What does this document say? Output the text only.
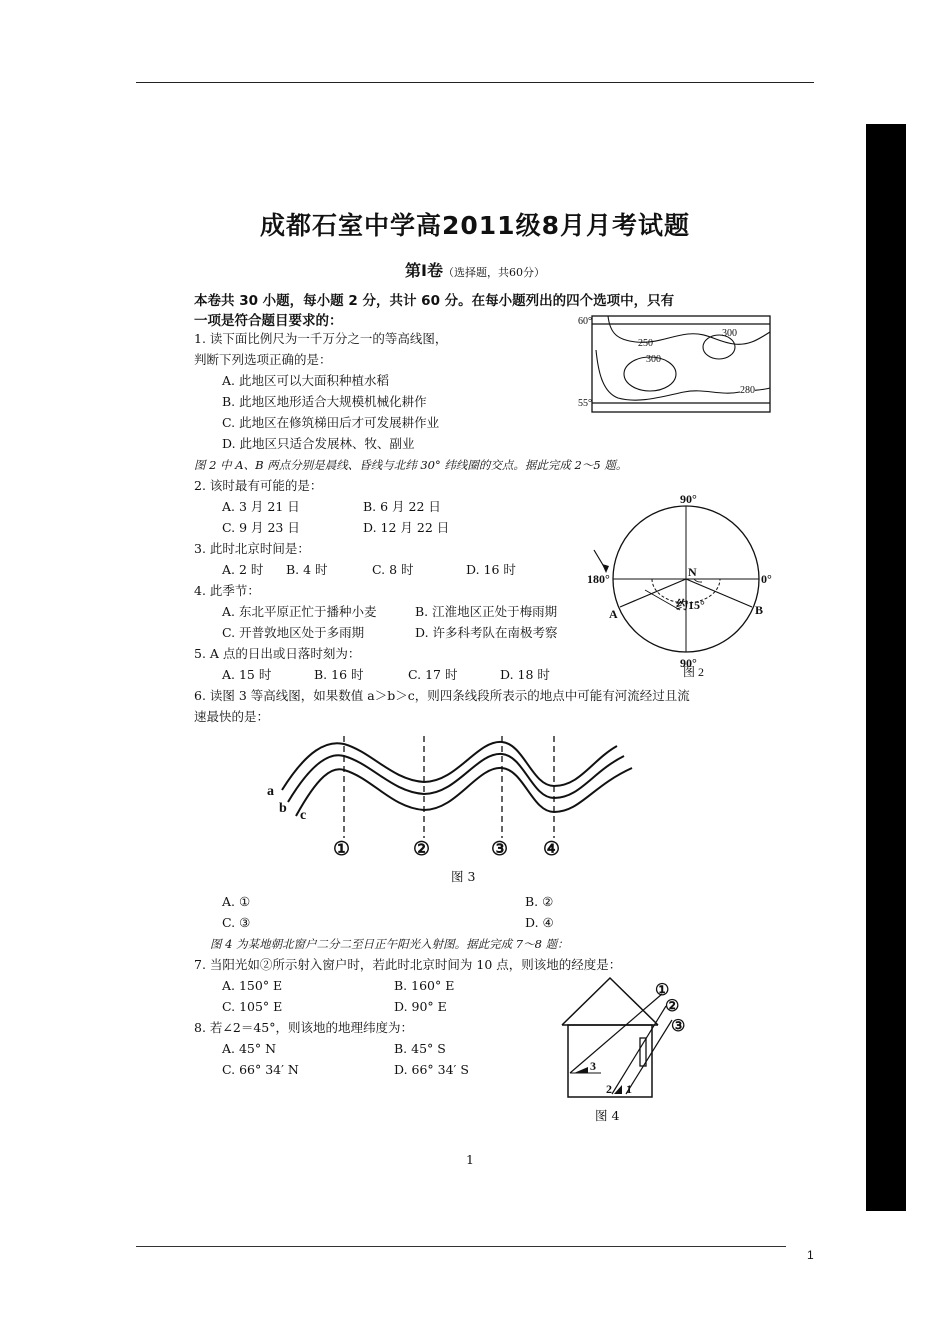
成都石室中学高2011级8月月考试题
第Ⅰ卷（选择题，共60分）
本卷共 30 小题，每小题 2 分，共计 60 分。在每小题列出的四个选项中，只有
一项是符合题目要求的：
1. 读下面比例尺为一千万分之一的等高线图，
判断下列选项正确的是：
A. 此地区可以大面积种植水稻
B. 此地区地形适合大规模机械化耕作
C. 此地区在修筑梯田后才可发展耕作业
D. 此地区只适合发展林、牧、副业
60°
55°
250
300
300
280
图 2 中 A、B 两点分别是晨线、昏线与北纬 30° 纬线圈的交点。据此完成 2～5 题。
2. 该时最有可能的是：
A. 3 月 21 日	B. 6 月 22 日
C. 9 月 23 日	D. 12 月 22 日
3. 此时北京时间是：
A. 2 时 B. 4 时	C. 8 时	D. 16 时
4. 此季节：
A. 东北平原正忙于播种小麦	B. 江淮地区正处于梅雨期
C. 开普敦地区处于多雨期	D. 许多科考队在南极考察
5. A 点的日出或日落时刻为：
A. 15 时	B. 16 时	C. 17 时	D. 18 时
90°
90°
180°	0°
N
约15°
A	B
图 2
6. 读图 3 等高线图，如果数值 a＞b＞c，则四条线段所表示的地点中可能有河流经过且流
速最快的是：
a
b c
①	②	③ ④
图 3
A. ①	B. ②
C. ③	D. ④
图 4 为某地朝北窗户二分二至日正午阳光入射图。据此完成 7～8 题：
7. 当阳光如②所示射入窗户时，若此时北京时间为 10 点，则该地的经度是：
A. 150° E	B. 160° E
C. 105° E	D. 90° E
8. 若∠2＝45°，则该地的地理纬度为：
A. 45° N	B. 45° S
C. 66° 34′ N	D. 66° 34′ S
①
②
③
3
2 1
图 4
1
1
